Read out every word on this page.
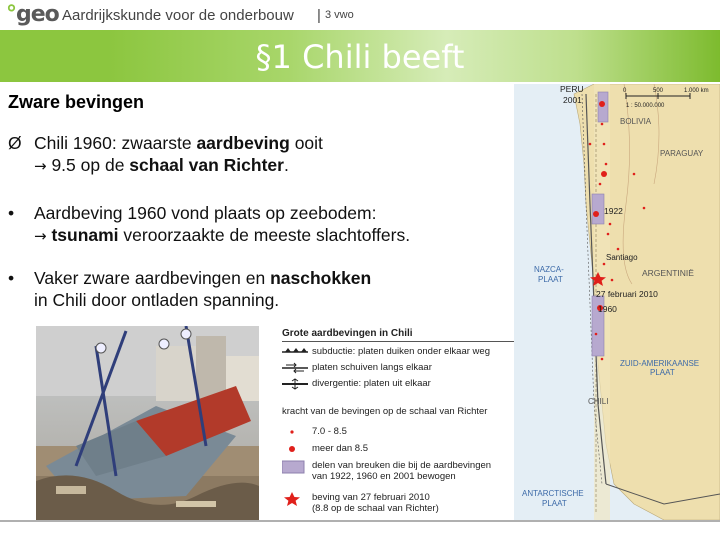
°geo Aardrijkskunde voor de onderbouw | 3 vwo
§1 Chili beeft
Zware bevingen
Ø Chili 1960: zwaarste aardbeving ooit
→ 9.5 op de schaal van Richter.
• Aardbeving 1960 vond plaats op zeebodem:
→ tsunami veroorzaakte de meeste slachtoffers.
• Vaker zware aardbevingen en naschokken
in Chili door ontladen spanning.
Grote aardbevingen in Chili
subductie: platen duiken onder elkaar weg
platen schuiven langs elkaar
divergentie: platen uit elkaar
kracht van de bevingen op de schaal van Richter
7.0 - 8.5
meer dan 8.5
delen van breuken die bij de aardbevingen
van 1922, 1960 en 2001 bewogen
beving van 27 februari 2010
(8.8 op de schaal van Richter)
PERU
2001
BOLIVIA
PARAGUAY
1922
Santiago
ARGENTINIË
NAZCA-
PLAAT
27 februari 2010
1960
ZUID-AMERIKAANSE
PLAAT
CHILI
ANTARCTISCHE
PLAAT
0	500	1.000 km
1 : 50.000.000
